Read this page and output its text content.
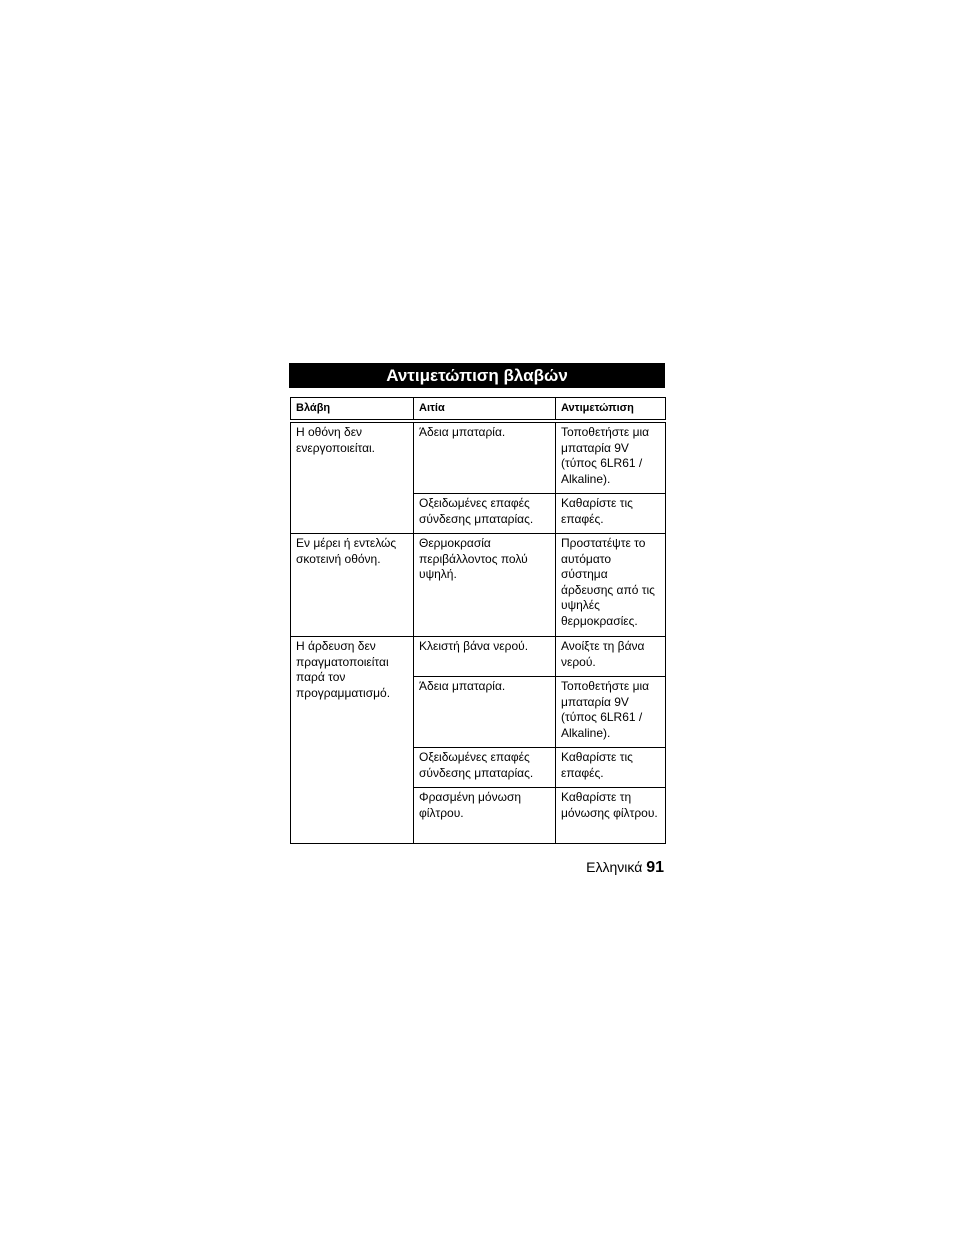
Αντιμετώπιση βλαβών
Βλάβη	Αιτία	Αντιμετώπιση

Η οθόνη δεν ενεργοποιείται.	Άδεια μπαταρία.	Τοποθετήστε μια μπαταρία 9V (τύπος 6LR61 / Alkaline).
	Οξειδωμένες επαφές σύνδεσης μπαταρίας.	Καθαρίστε τις επαφές.
Εν μέρει ή εντελώς σκοτεινή οθόνη.	Θερμοκρασία περιβάλλοντος πολύ υψηλή.	Προστατέψτε το αυτόματο σύστημα άρδευσης από τις υψηλές θερμοκρασίες.
Η άρδευση δεν πραγματοποιείται παρά τον προγραμματισμό.	Κλειστή βάνα νερού.	Ανοίξτε τη βάνα νερού.
	Άδεια μπαταρία.	Τοποθετήστε μια μπαταρία 9V (τύπος 6LR61 / Alkaline).
	Οξειδωμένες επαφές σύνδεσης μπαταρίας.	Καθαρίστε τις επαφές.
	Φρασμένη μόνωση φίλτρου.	Καθαρίστε τη μόνωσης φίλτρου.
Ελληνικά 91
